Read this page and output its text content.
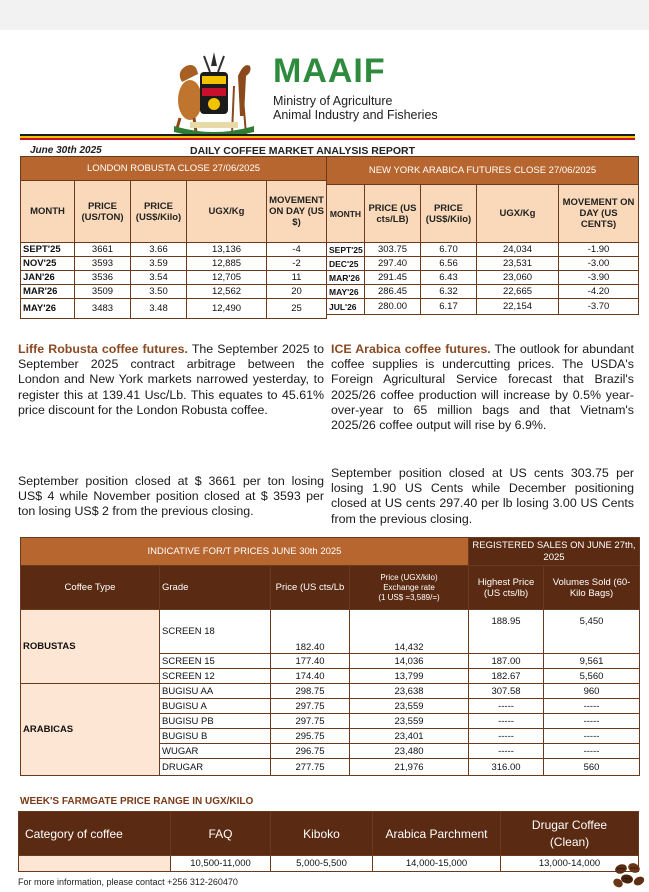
MAAIF
Ministry of Agriculture
Animal Industry and Fisheries
June 30th 2025	DAILY COFFEE MARKET ANALYSIS REPORT
LONDON ROBUSTA CLOSE 27/06/2025				
MONTH	PRICE (US/TON)	PRICE (US$/Kilo)	UGX/Kg	MOVEMENT ON DAY (US $)
SEPT'25	3661	3.66	13,136	-4
NOV'25	3593	3.59	12,885	-2
JAN'26	3536	3.54	12,705	11
MAR'26	3509	3.50	12,562	20
MAY'26	3483	3.48	12,490	25
NEW YORK ARABICA FUTURES CLOSE 27/06/2025				
MONTH	PRICE (US cts/LB)	PRICE (US$/Kilo)	UGX/Kg	MOVEMENT ON DAY (US CENTS)
SEPT'25	303.75	6.70	24,034	-1.90
DEC'25	297.40	6.56	23,531	-3.00
MAR'26	291.45	6.43	23,060	-3.90
MAY'26	286.45	6.32	22,665	-4.20
JUL'26	280.00	6.17	22,154	-3.70
Liffe Robusta coffee futures. The September 2025 to September 2025 contract arbitrage between the London and New York markets narrowed yesterday, to register this at 139.41 Usc/Lb. This equates to 45.61% price discount for the London Robusta coffee.
September position closed at $ 3661 per ton losing US$ 4 while November position closed at $ 3593 per ton losing US$ 2 from the previous closing.
ICE Arabica coffee futures. The outlook for abundant coffee supplies is undercutting prices. The USDA's Foreign Agricultural Service forecast that Brazil's 2025/26 coffee production will increase by 0.5% year-over-year to 65 million bags and that Vietnam's 2025/26 coffee output will rise by 6.9%.
September position closed at US cents 303.75 per losing 1.90 US Cents while December positioning closed at US cents 297.40 per lb losing 3.00 US Cents from the previous closing.
INDICATIVE FOR/T PRICES JUNE 30th 2025				REGISTERED SALES ON JUNE 27th, 2025	
Coffee Type	Grade	Price (US cts/Lb	Price (UGX/kilo)
Exchange rate
(1 US$ =3,589/=)	Highest Price (US cts/lb)	Volumes Sold (60-Kilo Bags)
ROBUSTAS	SCREEN 18	182.40	14,432	188.95	5,450
	SCREEN 15	177.40	14,036	187.00	9,561
	SCREEN 12	174.40	13,799	182.67	5,560
ARABICAS	BUGISU AA	298.75	23,638	307.58	960
	BUGISU A	297.75	23,559	-----	-----
	BUGISU PB	297.75	23,559	-----	-----
	BUGISU B	295.75	23,401	-----	-----
	WUGAR	296.75	23,480	-----	-----
	DRUGAR	277.75	21,976	316.00	560
WEEK'S FARMGATE PRICE RANGE IN UGX/KILO
Category of coffee	FAQ	Kiboko	Arabica Parchment	Drugar Coffee
(Clean)

	10,500-11,000	5,000-5,500	14,000-15,000	13,000-14,000
For more information, please contact +256 312-260470
